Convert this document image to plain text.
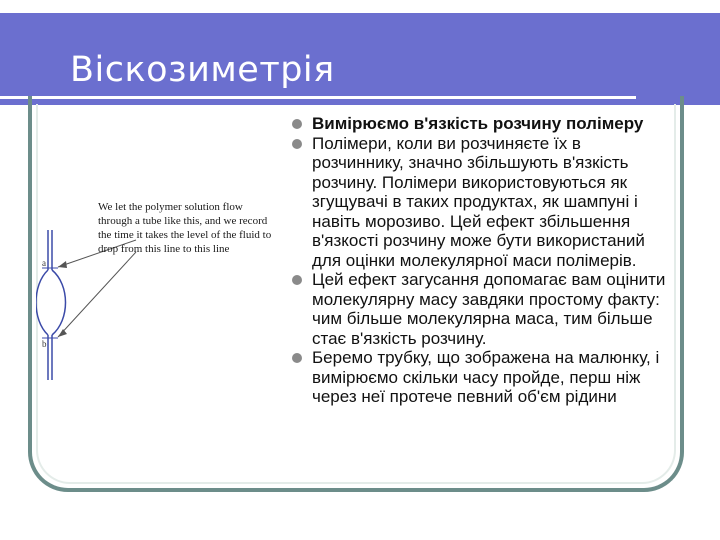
Віскозиметрія
a
b
We let the polymer solution flow through a tube like this, and we record the time it takes the level of the fluid to drop from this line to this line
Вимірюємо в'язкість розчину полімеру
Полімери, коли ви розчиняєте їх в розчиннику, значно збільшують в'язкість розчину. Полімери використовуються як згущувачі в таких продуктах, як шампуні і навіть морозиво. Цей ефект збільшення в'язкості розчину може бути використаний для оцінки молекулярної маси полімерів.
Цей ефект загусання допомагає вам оцінити молекулярну масу завдяки простому факту: чим більше молекулярна маса, тим більше стає в'язкість розчину.
Беремо трубку, що зображена на малюнку, і вимірюємо скільки часу пройде, перш ніж через неї протече певний об'єм рідини
